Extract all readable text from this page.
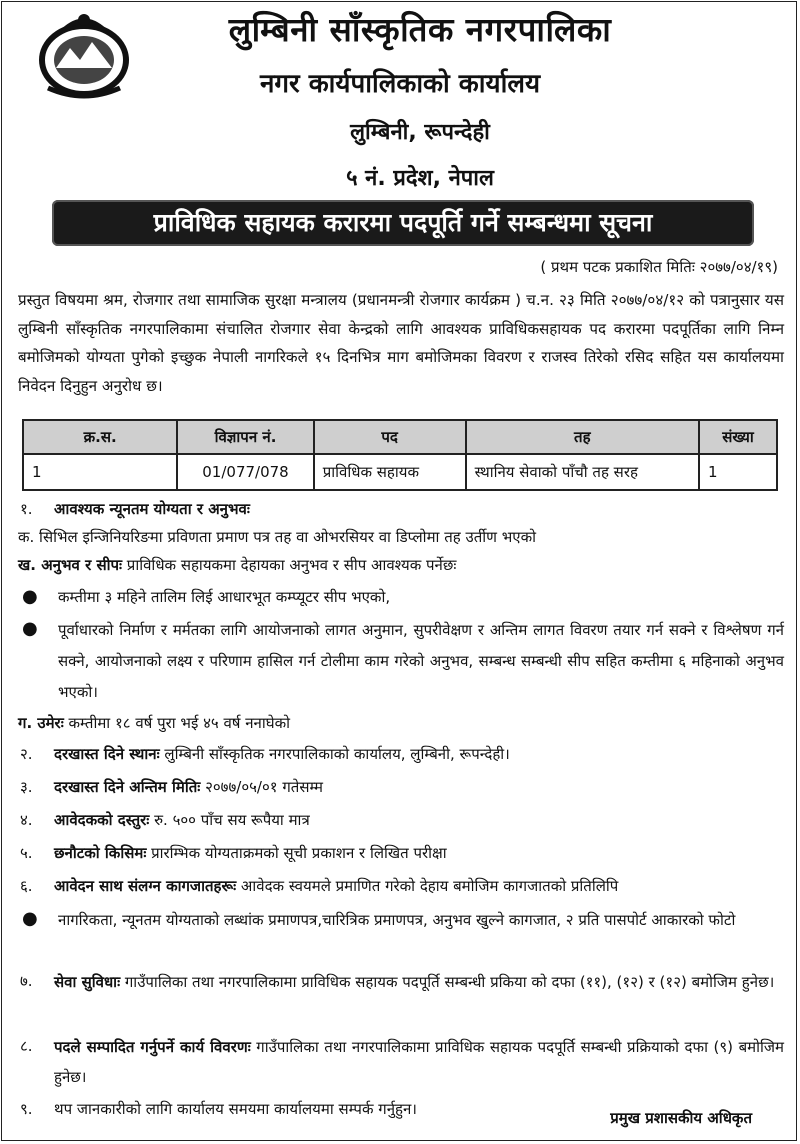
लुम्बिनी साँस्कृतिक नगरपालिका
नगर कार्यपालिकाको कार्यालय
लुम्बिनी, रूपन्देही
५ नं. प्रदेश, नेपाल
प्राविधिक सहायक करारमा पदपूर्ति गर्ने सम्बन्धमा सूचना
( प्रथम पटक प्रकाशित मितिः २०७७/०४/१९)
प्रस्तुत विषयमा श्रम, रोजगार तथा सामाजिक सुरक्षा मन्त्रालय (प्रधानमन्त्री रोजगार कार्यक्रम ) च.न. २३ मिति २०७७/०४/१२ को पत्रानुसार यस लुम्बिनी साँस्कृतिक नगरपालिकामा संचालित रोजगार सेवा केन्द्रको लागि आवश्यक प्राविधिकसहायक पद करारमा पदपूर्तिका लागि निम्न बमोजिमको योग्यता पुगेको इच्छुक नेपाली नागरिकले १५ दिनभित्र माग बमोजिमका विवरण र राजस्व तिरेको रसिद सहित यस कार्यालयमा निवेदन दिनुहुन अनुरोध छ।
क्र.स.	विज्ञापन नं.	पद	तह	संख्या
1	01/077/078	प्राविधिक सहायक	स्थानिय सेवाको पाँचौ तह सरह	1
१. आवश्यक न्यूनतम योग्यता र अनुभवः
क. सिभिल इन्जिनियरिङमा प्रविणता प्रमाण पत्र तह वा ओभरसियर वा डिप्लोमा तह उर्तीण भएको
ख. अनुभव र सीपः प्राविधिक सहायकमा देहायका अनुभव र सीप आवश्यक पर्नेछः
● कम्तीमा ३ महिने तालिम लिई आधारभूत कम्प्यूटर सीप भएको,
● पूर्वाधारको निर्माण र मर्मतका लागि आयोजनाको लागत अनुमान, सुपरीवेक्षण र अन्तिम लागत विवरण तयार गर्न सक्ने र विश्लेषण गर्न सक्ने, आयोजनाको लक्ष्य र परिणाम हासिल गर्न टोलीमा काम गरेको अनुभव, सम्बन्ध सम्बन्धी सीप सहित कम्तीमा ६ महिनाको अनुभव भएको।
ग. उमेरः कम्तीमा १८ वर्ष पुरा भई ४५ वर्ष ननाघेको
२. दरखास्त दिने स्थानः लुम्बिनी साँस्कृतिक नगरपालिकाको कार्यालय, लुम्बिनी, रूपन्देही।
३. दरखास्त दिने अन्तिम मितिः २०७७/०५/०१ गतेसम्म
४. आवेदकको दस्तुरः रु. ५०० पाँच सय रूपैया मात्र
५. छनौटको किसिमः प्रारम्भिक योग्यताक्रमको सूची प्रकाशन र लिखित परीक्षा
६. आवेदन साथ संलग्न कागजातहरूः आवेदक स्वयमले प्रमाणित गरेको देहाय बमोजिम कागजातको प्रतिलिपि
● नागरिकता, न्यूनतम योग्यताको लब्धांक प्रमाणपत्र,चारित्रिक प्रमाणपत्र, अनुभव खुल्ने कागजात, २ प्रति पासपोर्ट आकारको फोटो
७. सेवा सुविधाः गाउँपालिका तथा नगरपालिकामा प्राविधिक सहायक पदपूर्ति सम्बन्धी प्रकिया को दफा (११), (१२) र (१२) बमोजिम हुनेछ।
८. पदले सम्पादित गर्नुपर्ने कार्य विवरणः गाउँपालिका तथा नगरपालिकामा प्राविधिक सहायक पदपूर्ति सम्बन्धी प्रक्रियाको दफा (९) बमोजिम हुनेछ।
९. थप जानकारीको लागि कार्यालय समयमा कार्यालयमा सम्पर्क गर्नुहुन।	प्रमुख प्रशासकीय अधिकृत
